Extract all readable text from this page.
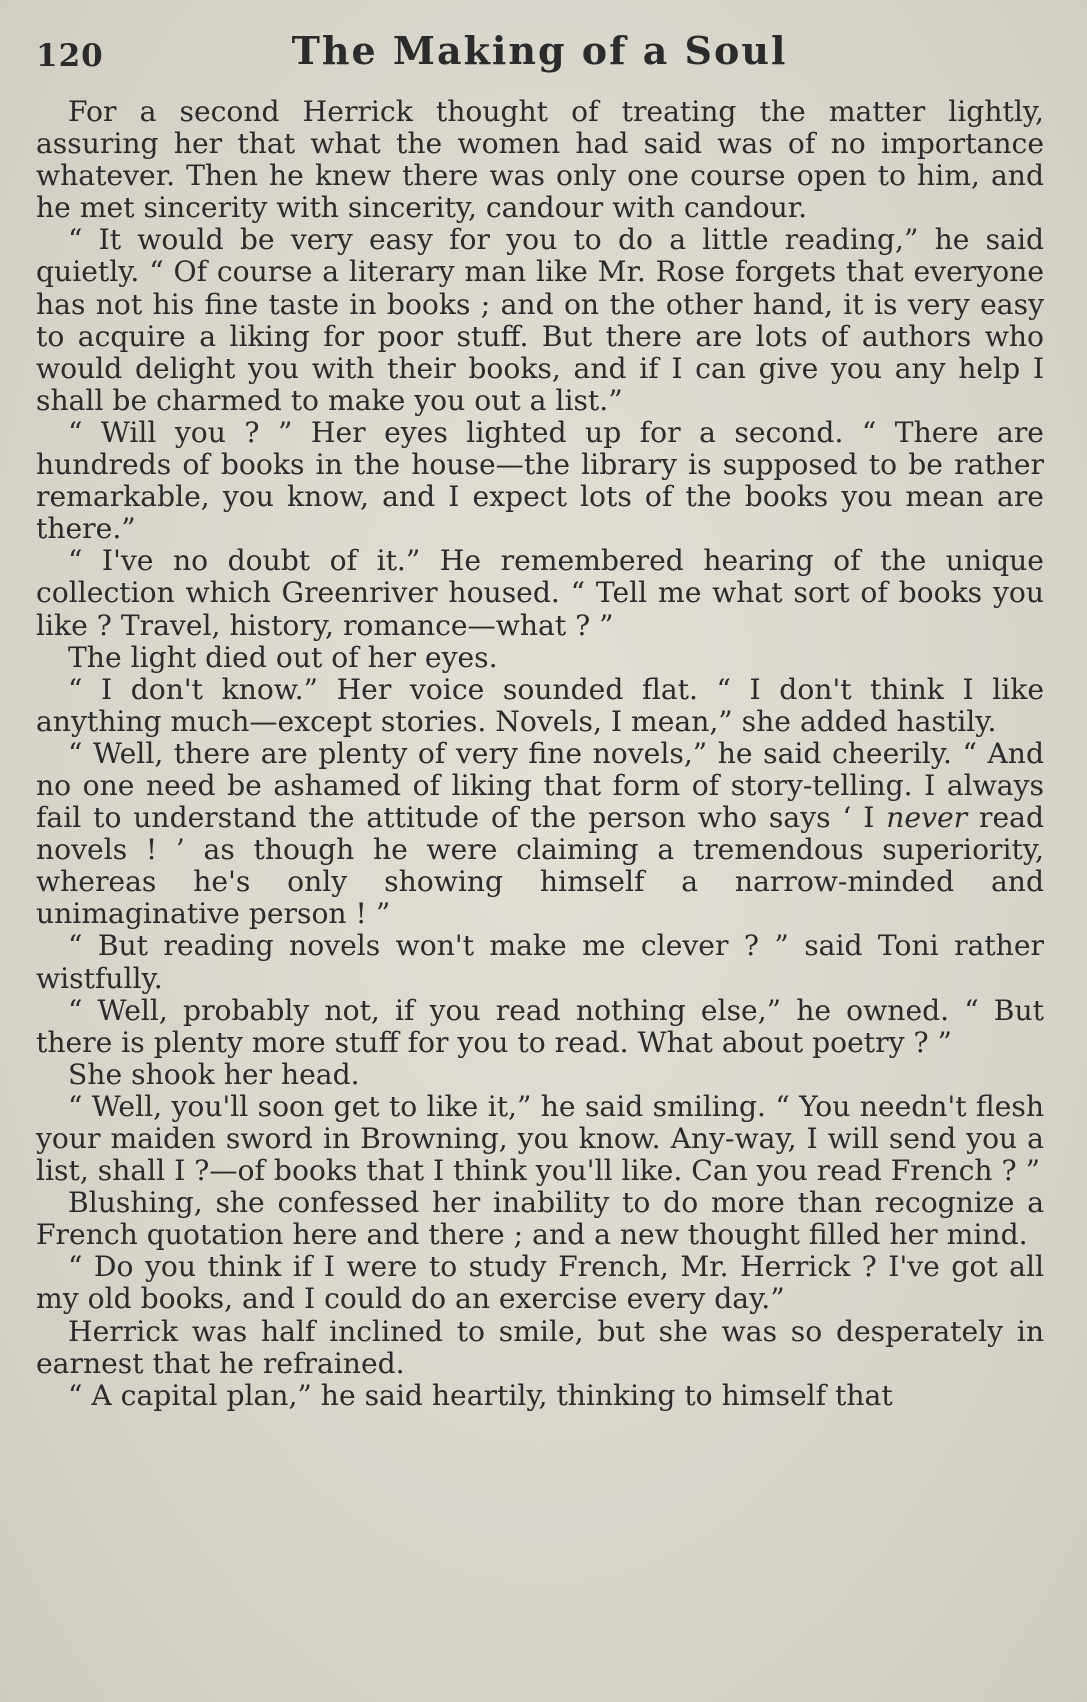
120	The Making of a Soul

For a second Herrick thought of treating the matter lightly, assuring her that what the women had said was of no importance whatever. Then he knew there was only one course open to him, and he met sincerity with sincerity, candour with candour.

“ It would be very easy for you to do a little reading,” he said quietly. “ Of course a literary man like Mr. Rose forgets that everyone has not his fine taste in books ; and on the other hand, it is very easy to acquire a liking for poor stuff. But there are lots of authors who would delight you with their books, and if I can give you any help I shall be charmed to make you out a list.”

“ Will you ? ” Her eyes lighted up for a second. “ There are hundreds of books in the house—the library is supposed to be rather remarkable, you know, and I expect lots of the books you mean are there.”

“ I've no doubt of it.” He remembered hearing of the unique collection which Greenriver housed. “ Tell me what sort of books you like ? Travel, history, romance—what ? ”

The light died out of her eyes.

“ I don't know.” Her voice sounded flat. “ I don't think I like anything much—except stories. Novels, I mean,” she added hastily.

“ Well, there are plenty of very fine novels,” he said cheerily. “ And no one need be ashamed of liking that form of story-telling. I always fail to understand the attitude of the person who says ‘ I never read novels ! ’ as though he were claiming a tremendous superiority, whereas he's only showing himself a narrow-minded and unimaginative person ! ”

“ But reading novels won't make me clever ? ” said Toni rather wistfully.

“ Well, probably not, if you read nothing else,” he owned. “ But there is plenty more stuff for you to read. What about poetry ? ”

She shook her head.

“ Well, you'll soon get to like it,” he said smiling. “ You needn't flesh your maiden sword in Browning, you know. Any-way, I will send you a list, shall I ?—of books that I think you'll like. Can you read French ? ”

Blushing, she confessed her inability to do more than recognize a French quotation here and there ; and a new thought filled her mind.

“ Do you think if I were to study French, Mr. Herrick ? I've got all my old books, and I could do an exercise every day.”

Herrick was half inclined to smile, but she was so desperately in earnest that he refrained.

“ A capital plan,” he said heartily, thinking to himself that
